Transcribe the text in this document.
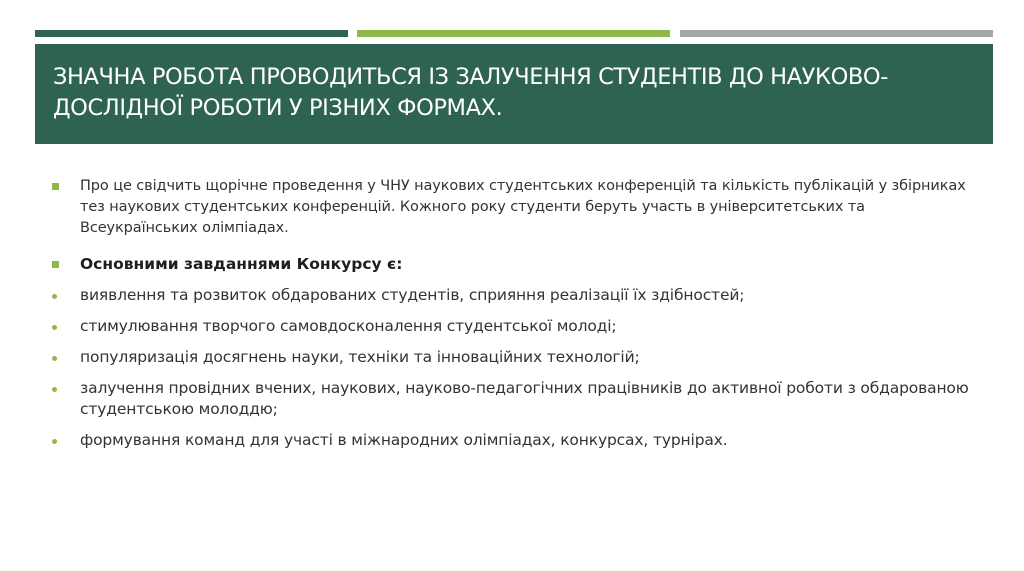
ЗНАЧНА РОБОТА ПРОВОДИТЬСЯ ІЗ ЗАЛУЧЕННЯ СТУДЕНТІВ ДО НАУКОВО-ДОСЛІДНОЇ РОБОТИ У РІЗНИХ ФОРМАХ.
Про це свідчить щорічне проведення у ЧНУ наукових студентських конференцій та кількість публікацій у збірниках тез наукових студентських конференцій. Кожного року студенти беруть участь в університетських та Всеукраїнських олімпіадах.
Основними завданнями Конкурсу є:
виявлення та розвиток обдарованих студентів, сприяння реалізації їх здібностей;
стимулювання творчого самовдосконалення студентської молоді;
популяризація досягнень науки, техніки та інноваційних технологій;
залучення провідних вчених, наукових, науково-педагогічних працівників до активної роботи з обдарованою студентською молоддю;
формування команд для участі в міжнародних олімпіадах, конкурсах, турнірах.
